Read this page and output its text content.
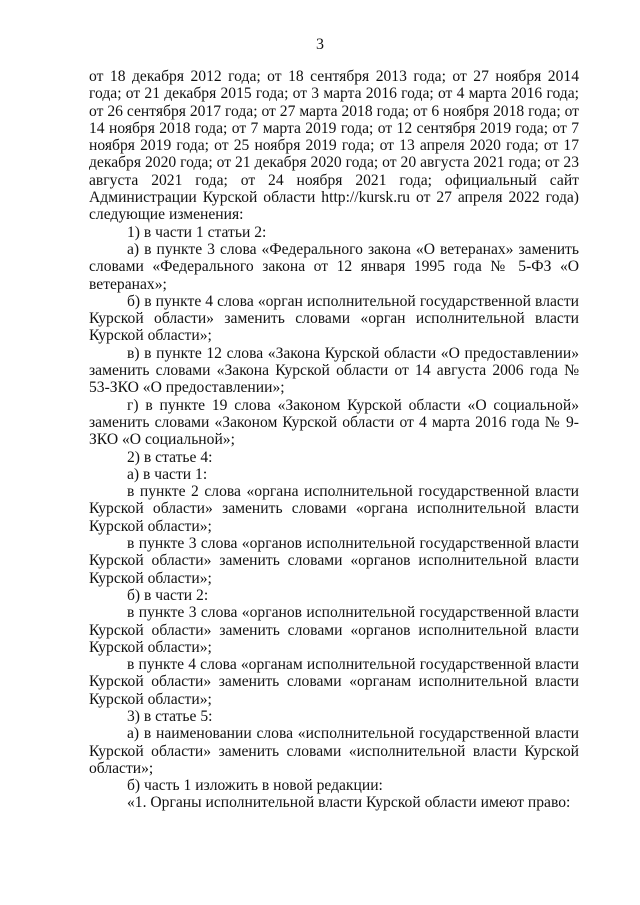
3

от 18 декабря 2012 года; от 18 сентября 2013 года; от 27 ноября 2014 года; от 21 декабря 2015 года; от 3 марта 2016 года; от 4 марта 2016 года; от 26 сентября 2017 года; от 27 марта 2018 года; от 6 ноября 2018 года; от 14 ноября 2018 года; от 7 марта 2019 года; от 12 сентября 2019 года; от 7 ноября 2019 года; от 25 ноября 2019 года; от 13 апреля 2020 года; от 17 декабря 2020 года; от 21 декабря 2020 года; от 20 августа 2021 года; от 23 августа 2021 года; от 24 ноября 2021 года; официальный сайт Администрации Курской области http://kursk.ru от 27 апреля 2022 года) следующие изменения:

1) в части 1 статьи 2:

а) в пункте 3 слова «Федерального закона «О ветеранах» заменить словами «Федерального закона от 12 января 1995 года № 5-ФЗ «О ветеранах»;

б) в пункте 4 слова «орган исполнительной государственной власти Курской области» заменить словами «орган исполнительной власти Курской области»;

в) в пункте 12 слова «Закона Курской области «О предоставлении» заменить словами «Закона Курской области от 14 августа 2006 года № 53-ЗКО «О предоставлении»;

г) в пункте 19 слова «Законом Курской области «О социальной» заменить словами «Законом Курской области от 4 марта 2016 года № 9-ЗКО «О социальной»;

2) в статье 4:

а) в части 1:

в пункте 2 слова «органа исполнительной государственной власти Курской области» заменить словами «органа исполнительной власти Курской области»;

в пункте 3 слова «органов исполнительной государственной власти Курской области» заменить словами «органов исполнительной власти Курской области»;

б) в части 2:

в пункте 3 слова «органов исполнительной государственной власти Курской области» заменить словами «органов исполнительной власти Курской области»;

в пункте 4 слова «органам исполнительной государственной власти Курской области» заменить словами «органам исполнительной власти Курской области»;

3) в статье 5:

а) в наименовании слова «исполнительной государственной власти Курской области» заменить словами «исполнительной власти Курской области»;

б) часть 1 изложить в новой редакции:

«1. Органы исполнительной власти Курской области имеют право:
